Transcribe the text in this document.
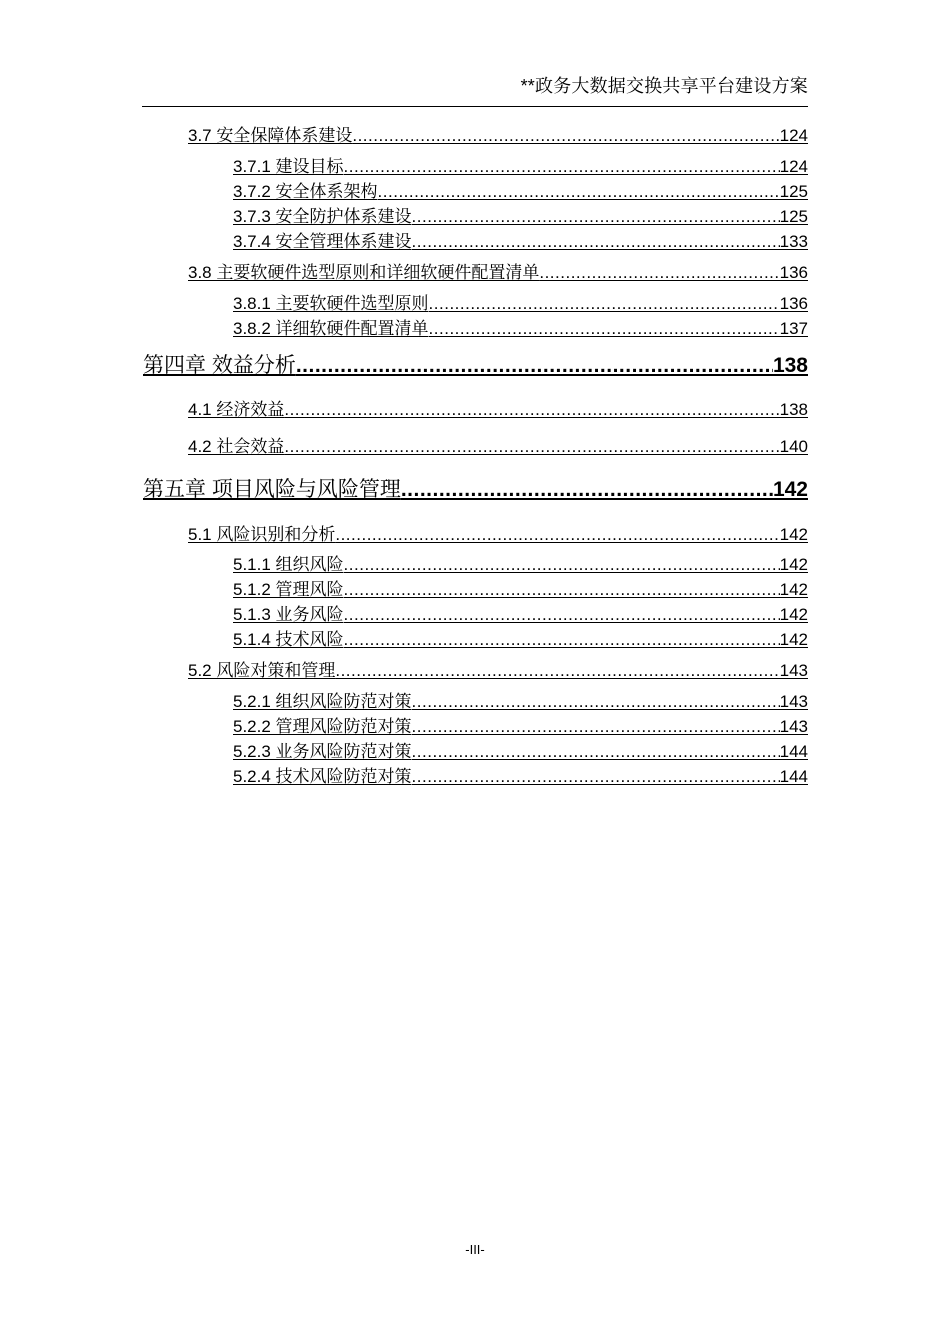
**政务大数据交换共享平台建设方案
3.7 安全保障体系建设 .....	124
3.7.1 建设目标 .....	124
3.7.2 安全体系架构 .....	125
3.7.3 安全防护体系建设 .....	125
3.7.4 安全管理体系建设 .....	133
3.8 主要软硬件选型原则和详细软硬件配置清单 .....	136
3.8.1 主要软硬件选型原则 .....	136
3.8.2 详细软硬件配置清单 .....	137
第四章 效益分析 .....	138
4.1 经济效益 .....	138
4.2 社会效益 .....	140
第五章 项目风险与风险管理 .....	142
5.1 风险识别和分析 .....	142
5.1.1 组织风险 .....	142
5.1.2 管理风险 .....	142
5.1.3 业务风险 .....	142
5.1.4 技术风险 .....	142
5.2 风险对策和管理 .....	143
5.2.1 组织风险防范对策 .....	143
5.2.2 管理风险防范对策 .....	143
5.2.3 业务风险防范对策 .....	144
5.2.4 技术风险防范对策 .....	144
-III-
